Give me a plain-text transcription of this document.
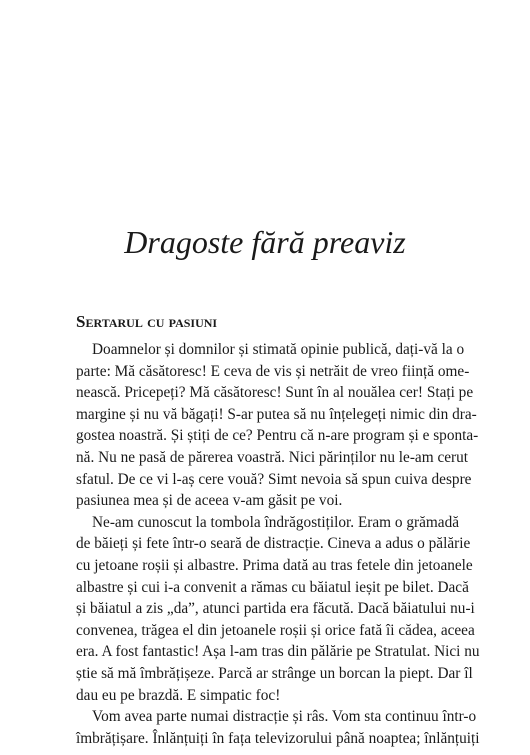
Dragoste fără preaviz
Sertarul cu pasiuni
Doamnelor și domnilor și stimată opinie publică, dați-vă la o
parte: Mă căsătoresc! E ceva de vis și netrăit de vreo ființă ome-
nească. Pricepeți? Mă căsătoresc! Sunt în al nouălea cer! Stați pe
margine și nu vă băgați! S-ar putea să nu înțelegeți nimic din dra-
gostea noastră. Și știți de ce? Pentru că n-are program și e sponta-
nă. Nu ne pasă de părerea voastră. Nici părinților nu le-am cerut
sfatul. De ce vi l-aș cere vouă? Simt nevoia să spun cuiva despre
pasiunea mea și de aceea v-am găsit pe voi.
Ne-am cunoscut la tombola îndrăgostiților. Eram o grămadă
de băieți și fete într-o seară de distracție. Cineva a adus o pălărie
cu jetoane roșii și albastre. Prima dată au tras fetele din jetoanele
albastre și cui i-a convenit a rămas cu băiatul ieșit pe bilet. Dacă
și băiatul a zis „da”, atunci partida era făcută. Dacă băiatului nu-i
convenea, trăgea el din jetoanele roșii și orice fată îi cădea, aceea
era. A fost fantastic! Așa l-am tras din pălărie pe Stratulat. Nici nu
știe să mă îmbrățișeze. Parcă ar strânge un borcan la piept. Dar îl
dau eu pe brazdă. E simpatic foc!
Vom avea parte numai distracție și râs. Vom sta continuu într-o
îmbrățișare. Înlănțuiți în fața televizorului până noaptea; înlănțuiți
